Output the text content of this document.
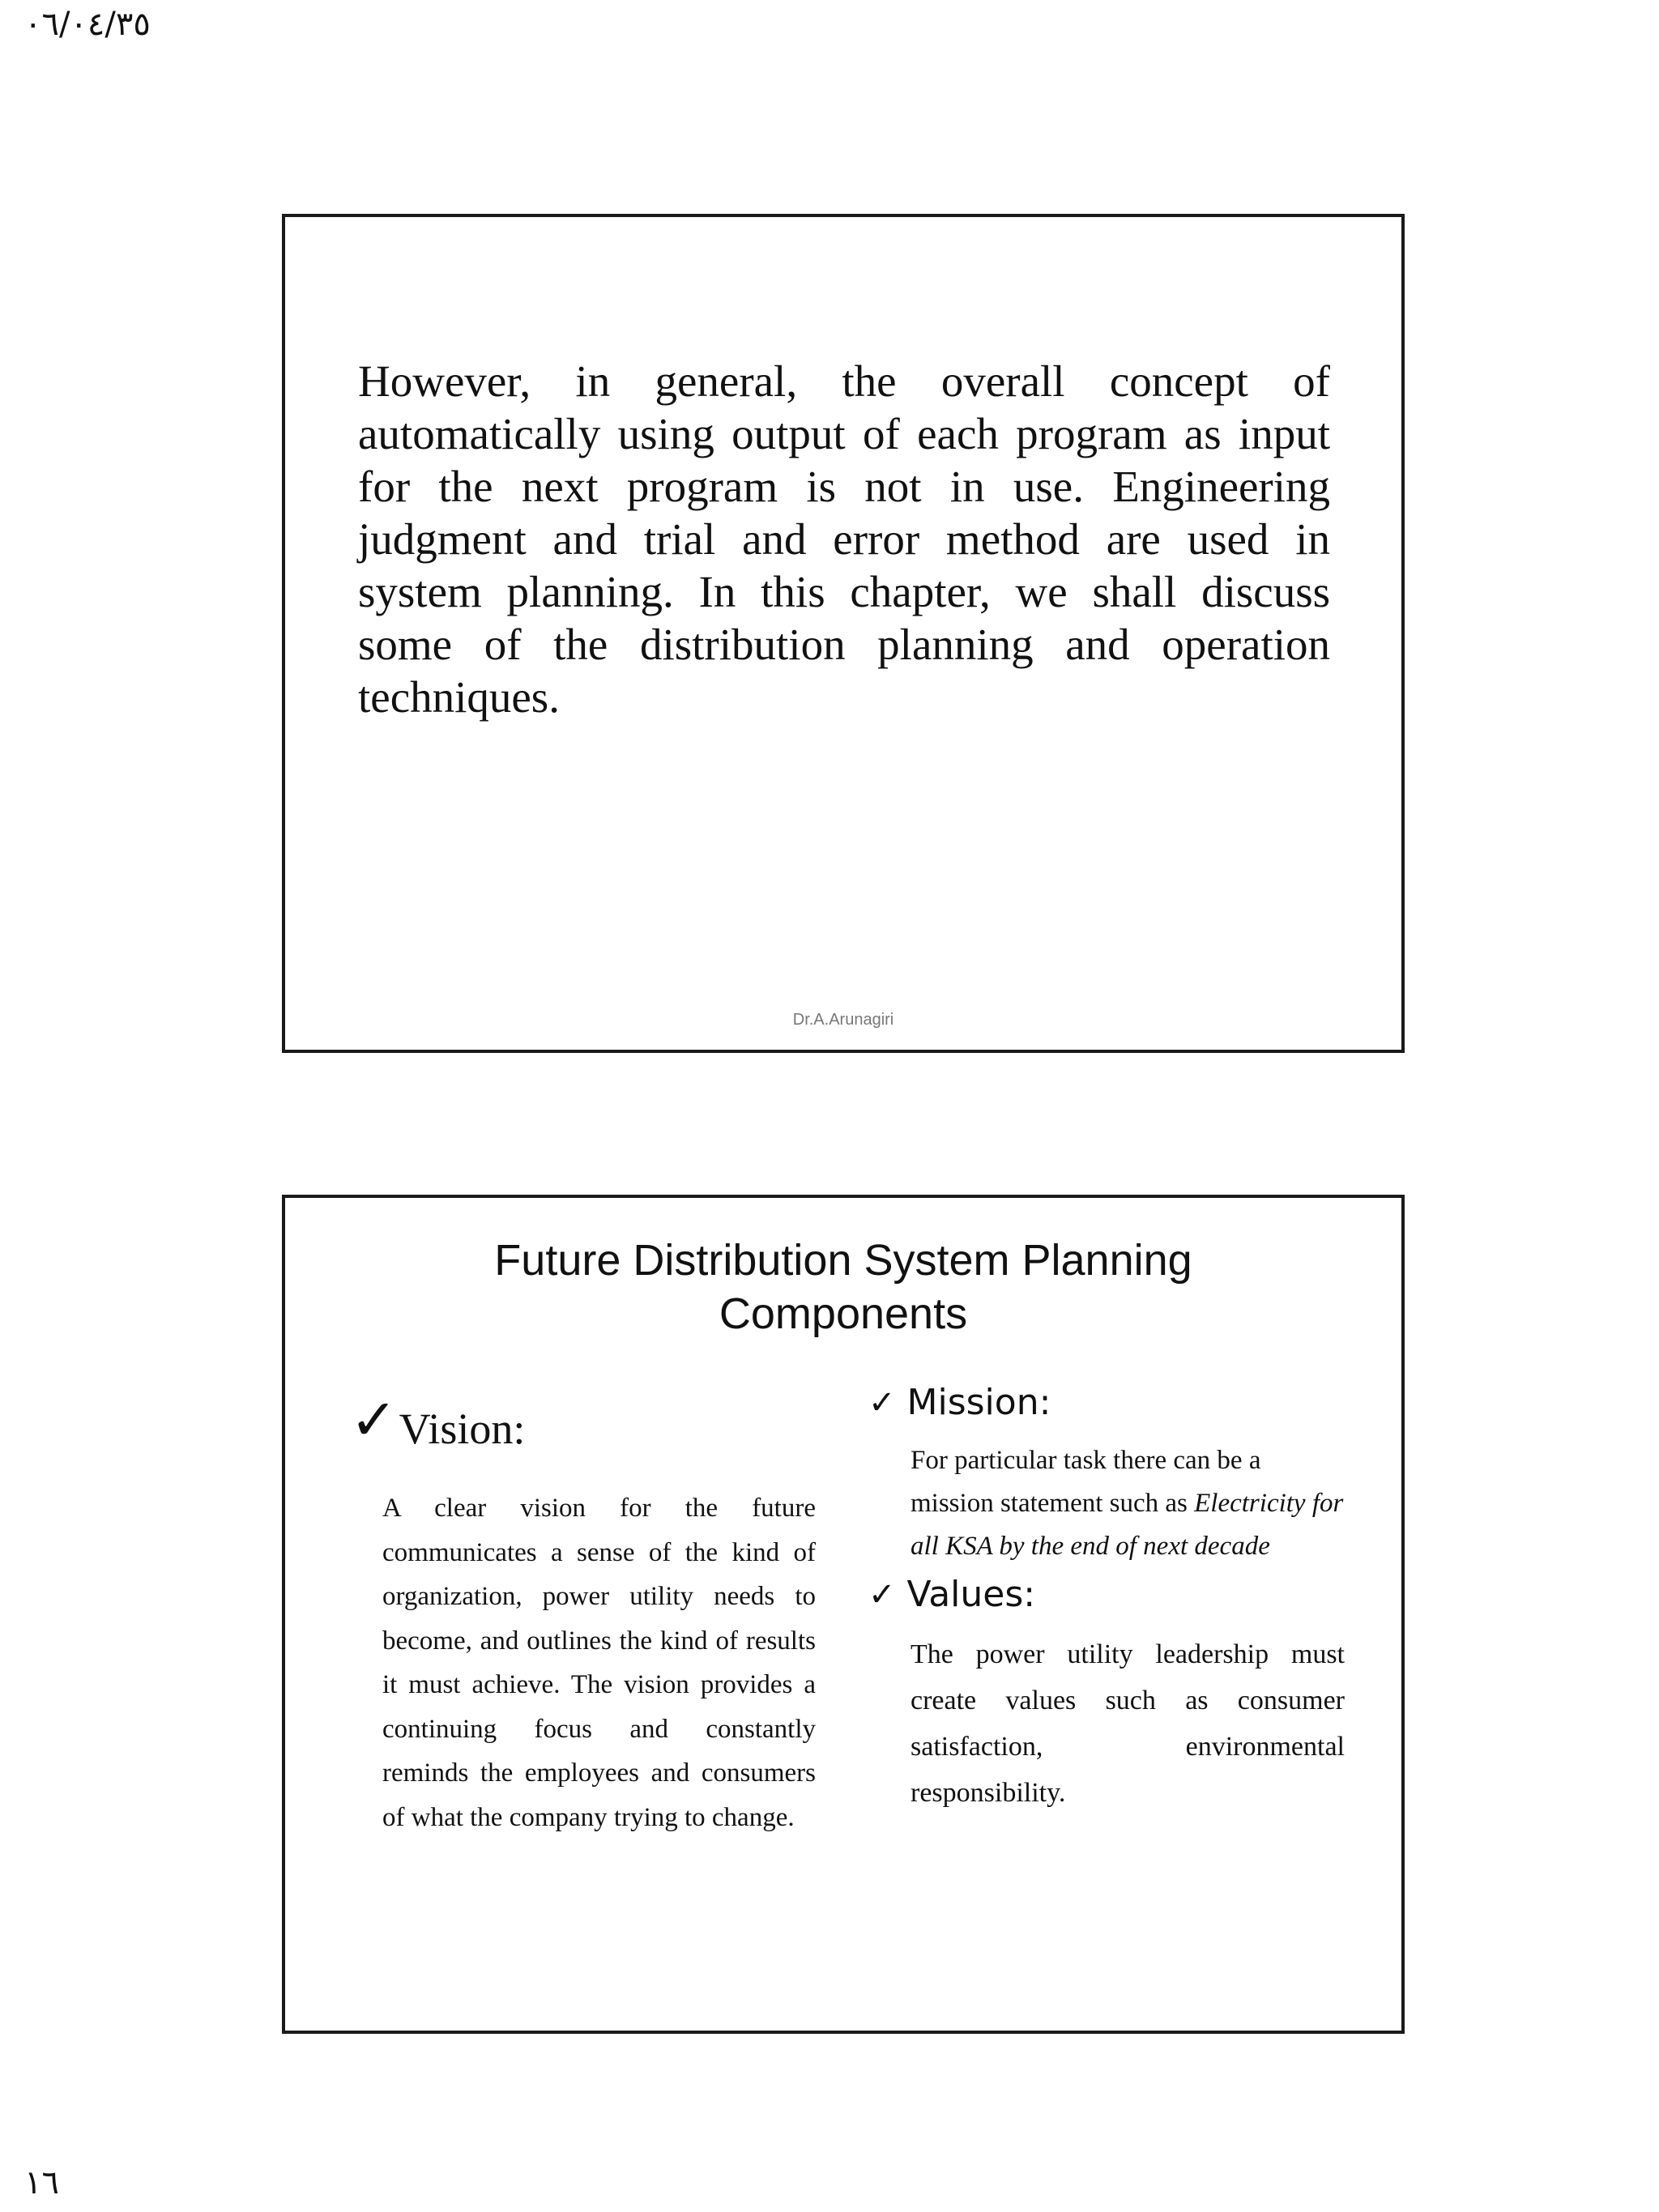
٠٦/٠٤/٣٥

However, in general, the overall concept of automatically using output of each program as input for the next program is not in use. Engineering judgment and trial and error method are used in system planning. In this chapter, we shall discuss some of the distribution planning and operation techniques.

Dr.A.Arunagiri
Future Distribution System Planning
Components
✓ Vision:
A clear vision for the future communicates a sense of the kind of organization, power utility needs to become, and outlines the kind of results it must achieve. The vision provides a continuing focus and constantly reminds the employees and consumers of what the company trying to change.
✓ Mission:
For particular task there can be a mission statement such as Electricity for all KSA by the end of next decade
✓ Values:
The power utility leadership must create values such as consumer satisfaction, environmental responsibility.
١٦
